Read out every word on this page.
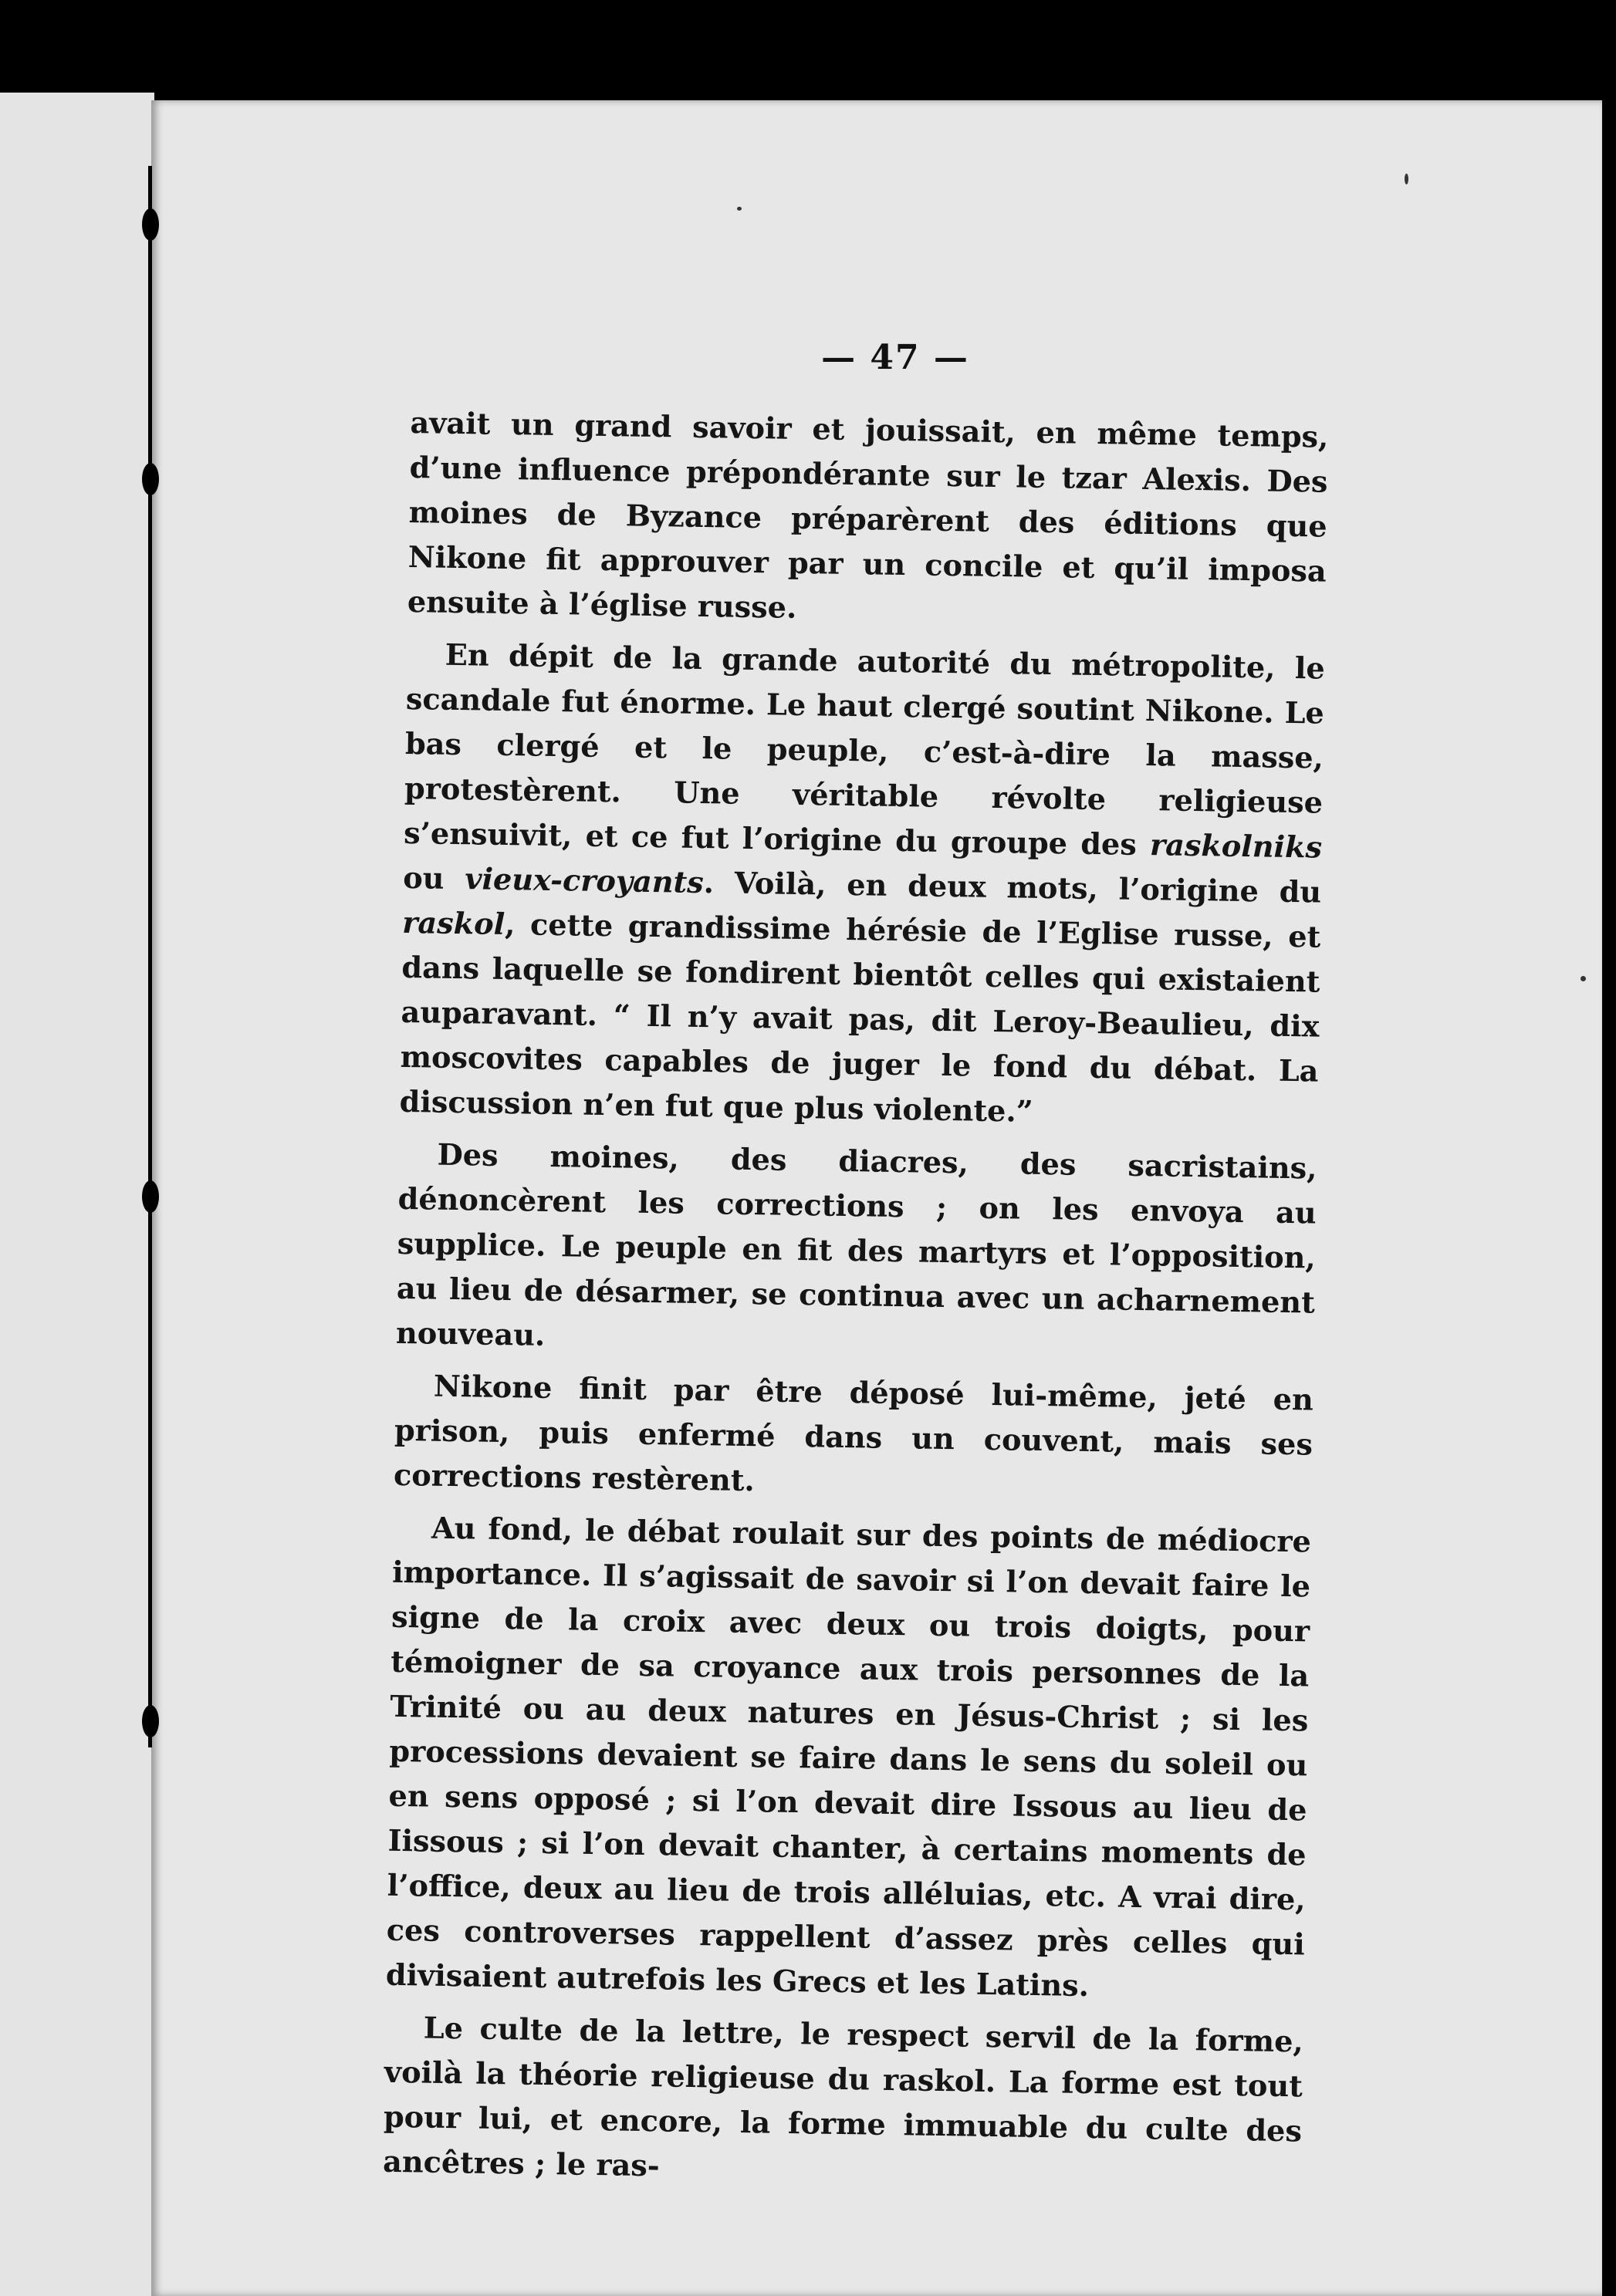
— 47 —

avait un grand savoir et jouissait, en même temps, d’une influence prépondérante sur le tzar Alexis. Des moines de Byzance préparèrent des éditions que Nikone fit approuver par un concile et qu’il imposa ensuite à l’église russe.

En dépit de la grande autorité du métropolite, le scandale fut énorme. Le haut clergé soutint Nikone. Le bas clergé et le peuple, c’est-à-dire la masse, protestèrent. Une véritable révolte religieuse s’ensuivit, et ce fut l’origine du groupe des raskolniks ou vieux-croyants. Voilà, en deux mots, l’origine du raskol, cette grandissime hérésie de l’Eglise russe, et dans laquelle se fondirent bientôt celles qui existaient auparavant. “ Il n’y avait pas, dit Leroy-Beaulieu, dix moscovites capables de juger le fond du débat. La discussion n’en fut que plus violente.”

Des moines, des diacres, des sacristains, dénoncèrent les corrections ; on les envoya au supplice. Le peuple en fit des martyrs et l’opposition, au lieu de désarmer, se continua avec un acharnement nouveau.

Nikone finit par être déposé lui-même, jeté en prison, puis enfermé dans un couvent, mais ses corrections restèrent.

Au fond, le débat roulait sur des points de médiocre importance. Il s’agissait de savoir si l’on devait faire le signe de la croix avec deux ou trois doigts, pour témoigner de sa croyance aux trois personnes de la Trinité ou au deux natures en Jésus-Christ ; si les processions devaient se faire dans le sens du soleil ou en sens opposé ; si l’on devait dire Issous au lieu de Iissous ; si l’on devait chanter, à certains moments de l’office, deux au lieu de trois alléluias, etc. A vrai dire, ces controverses rappellent d’assez près celles qui divisaient autrefois les Grecs et les Latins.

Le culte de la lettre, le respect servil de la forme, voilà la théorie religieuse du raskol. La forme est tout pour lui, et encore, la forme immuable du culte des ancêtres ; le ras-
